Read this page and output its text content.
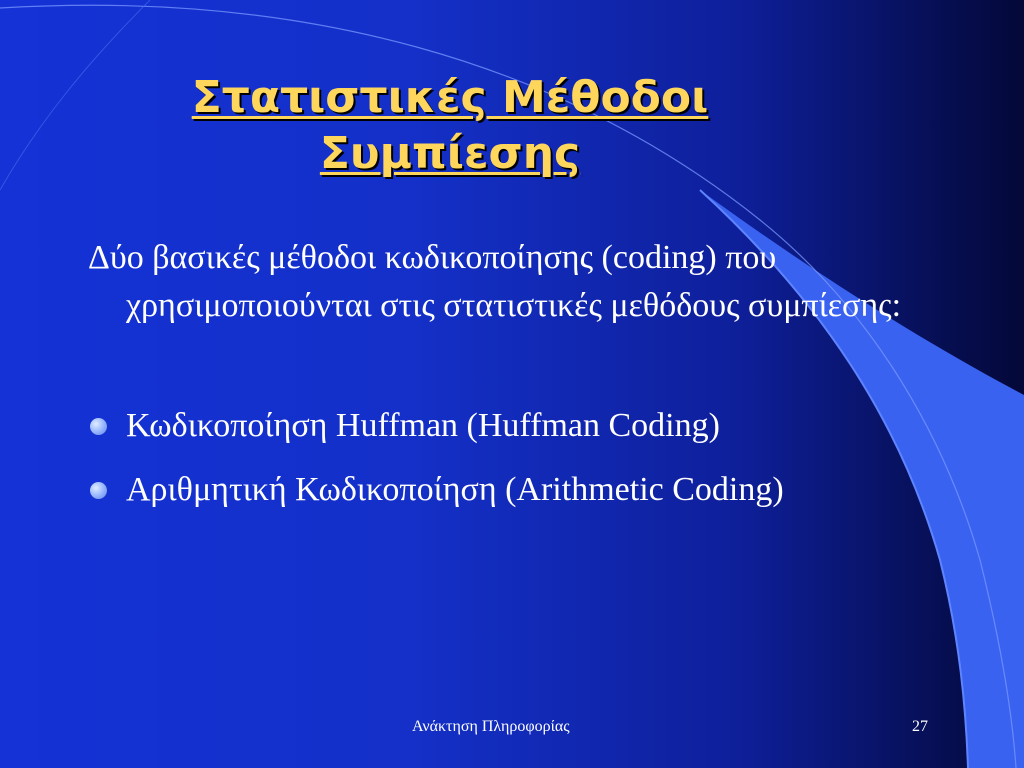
Στατιστικές Μέθοδοι
Συμπίεσης

Δύο βασικές μέθοδοι κωδικοποίησης (coding) που χρησιμοποιούνται στις στατιστικές μεθόδους συμπίεσης:

Κωδικοποίηση Huffman (Huffman Coding)
Αριθμητική Κωδικοποίηση (Arithmetic Coding)
Ανάκτηση Πληροφορίας	27
